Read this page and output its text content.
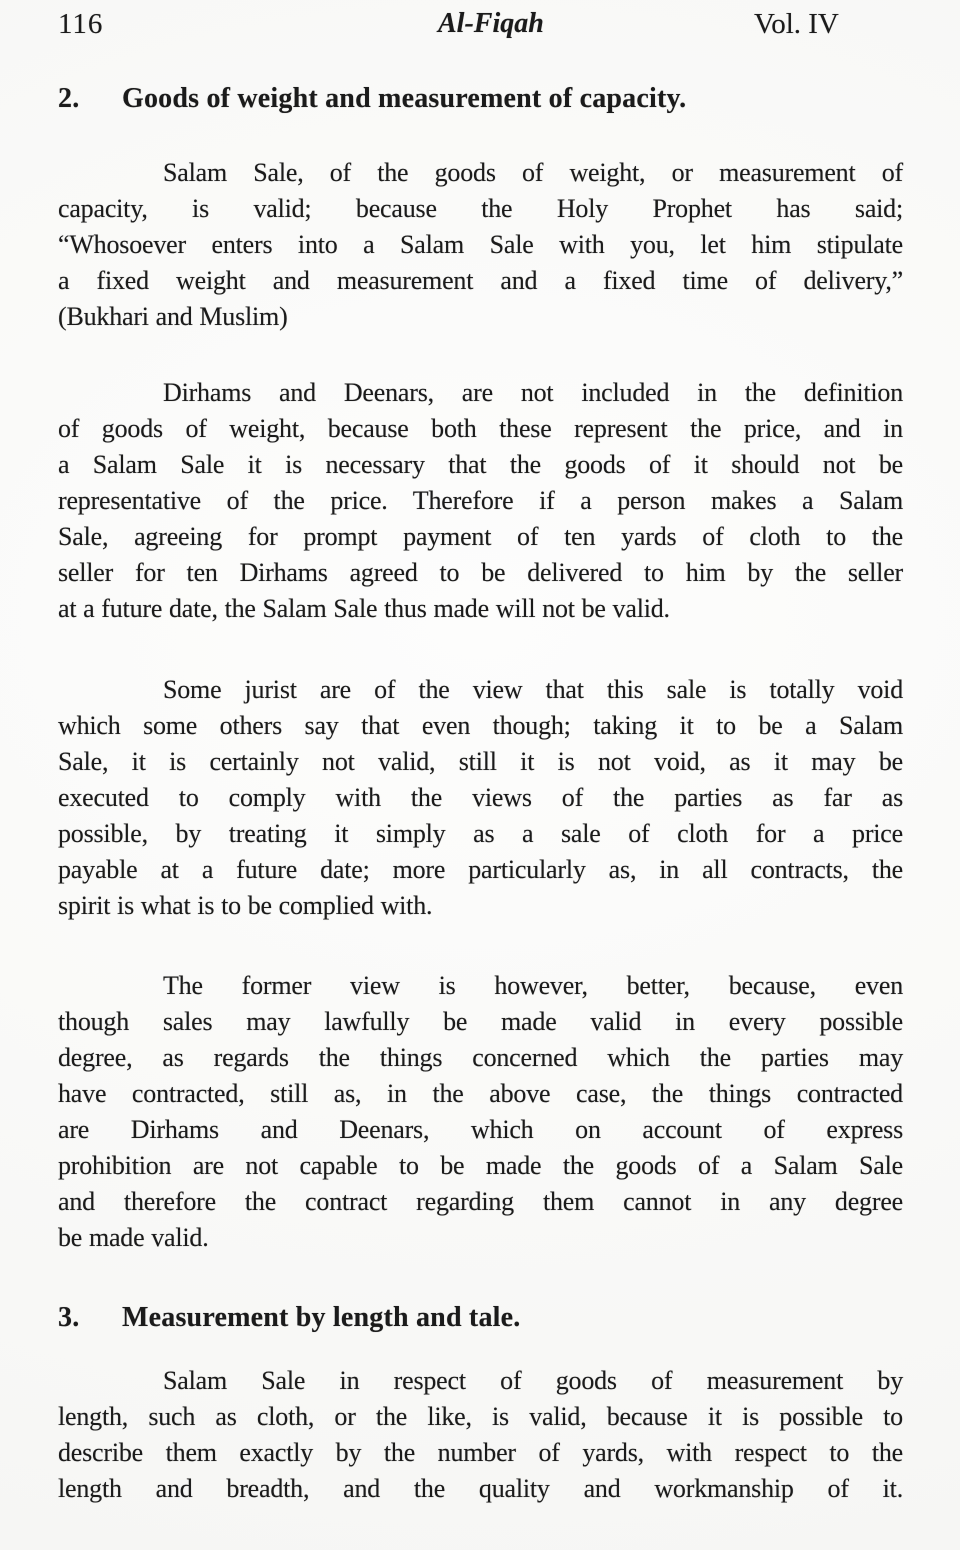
116	Al-Fiqah	Vol. IV
2. Goods of weight and measurement of capacity.
Salam Sale, of the goods of weight, or measurement of
capacity, is valid; because the Holy Prophet has said;
“Whosoever enters into a Salam Sale with you, let him stipulate
a fixed weight and measurement and a fixed time of delivery,”
(Bukhari and Muslim)
Dirhams and Deenars, are not included in the definition
of goods of weight, because both these represent the price, and in
a Salam Sale it is necessary that the goods of it should not be
representative of the price. Therefore if a person makes a Salam
Sale, agreeing for prompt payment of ten yards of cloth to the
seller for ten Dirhams agreed to be delivered to him by the seller
at a future date, the Salam Sale thus made will not be valid.
Some jurist are of the view that this sale is totally void
which some others say that even though; taking it to be a Salam
Sale, it is certainly not valid, still it is not void, as it may be
executed to comply with the views of the parties as far as
possible, by treating it simply as a sale of cloth for a price
payable at a future date; more particularly as, in all contracts, the
spirit is what is to be complied with.
The former view is however, better, because, even
though sales may lawfully be made valid in every possible
degree, as regards the things concerned which the parties may
have contracted, still as, in the above case, the things contracted
are Dirhams and Deenars, which on account of express
prohibition are not capable to be made the goods of a Salam Sale
and therefore the contract regarding them cannot in any degree
be made valid.
3. Measurement by length and tale.
Salam Sale in respect of goods of measurement by
length, such as cloth, or the like, is valid, because it is possible to
describe them exactly by the number of yards, with respect to the
length and breadth, and the quality and workmanship of it.
